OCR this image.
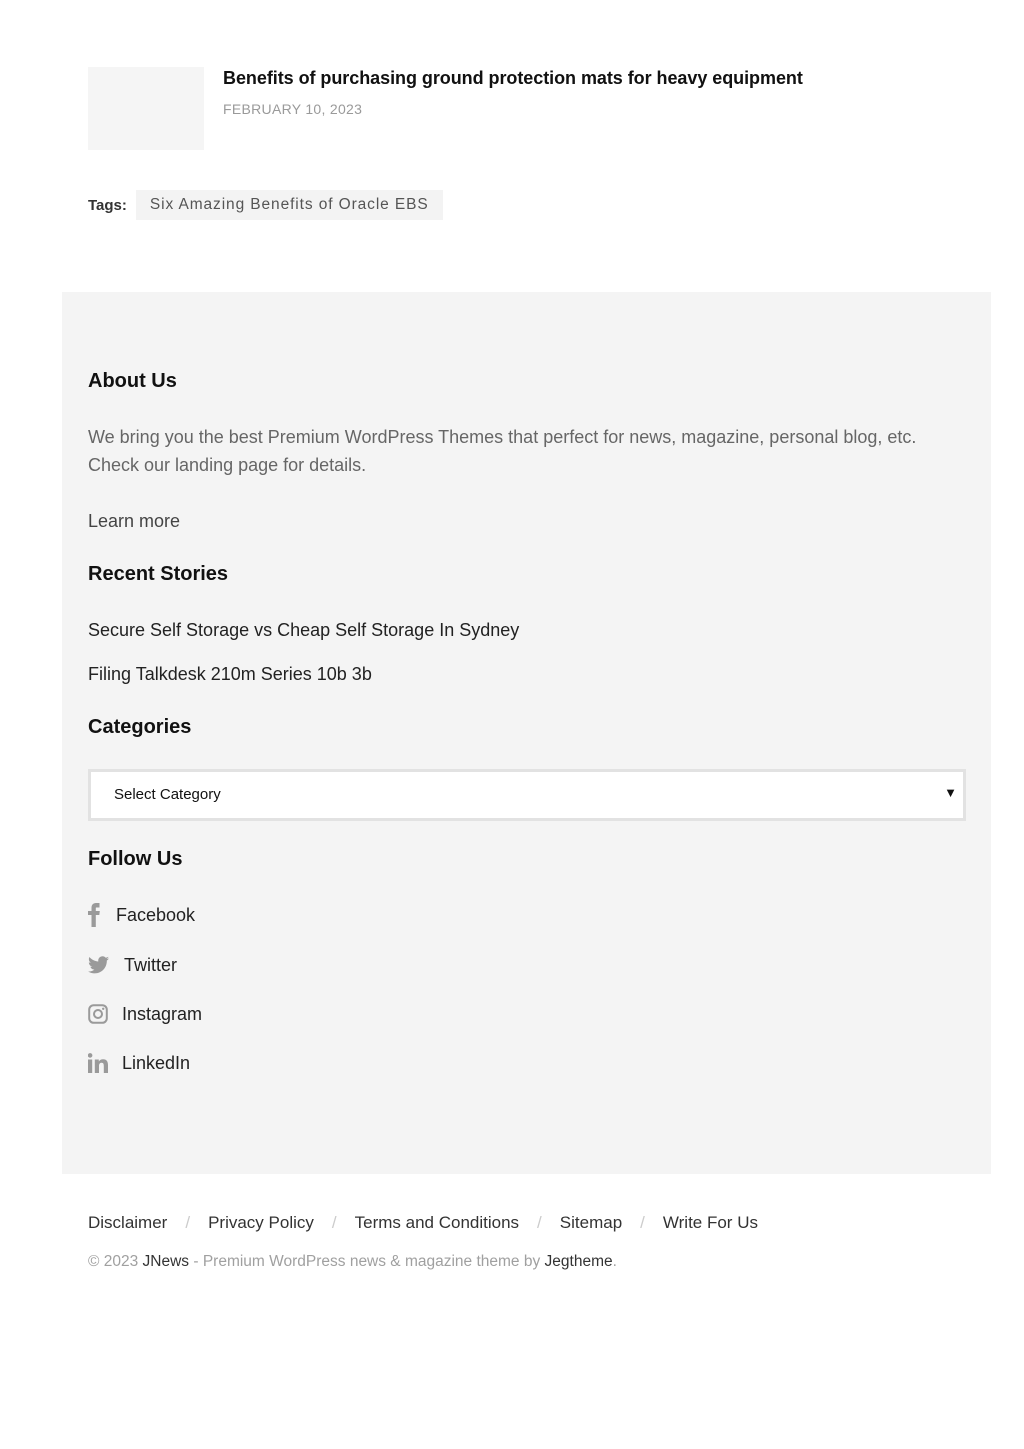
Benefits of purchasing ground protection mats for heavy equipment
FEBRUARY 10, 2023
Tags:	Six Amazing Benefits of Oracle EBS
About Us

We bring you the best Premium WordPress Themes that perfect for news, magazine, personal blog, etc. Check our landing page for details.

Learn more
Recent Stories
Secure Self Storage vs Cheap Self Storage In Sydney
Filing Talkdesk 210m Series 10b 3b
Categories
Select Category	▼
Follow Us
Facebook
Twitter
Instagram
LinkedIn
Disclaimer / Privacy Policy / Terms and Conditions / Sitemap / Write For Us
© 2023 JNews - Premium WordPress news & magazine theme by Jegtheme.
